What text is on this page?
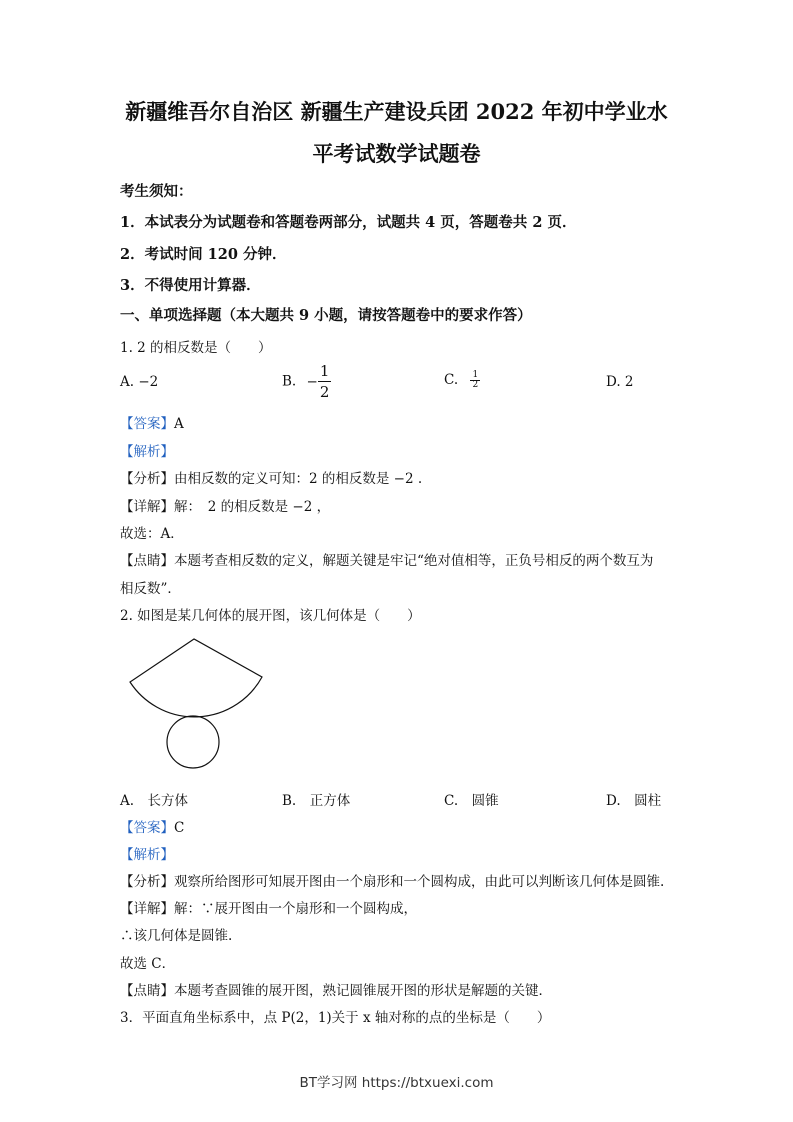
新疆维吾尔自治区 新疆生产建设兵团 2022 年初中学业水
平考试数学试题卷
考生须知：
1．本试表分为试题卷和答题卷两部分，试题共 4 页，答题卷共 2 页．
2．考试时间 120 分钟．
3．不得使用计算器．
一、单项选择题（本大题共 9 小题，请按答题卷中的要求作答）
1. 2 的相反数是（　　）
A. −2	B. − $\frac{1}{2}$	C. $\frac{1}{2}$	D. 2
【答案】A
【解析】
【分析】由相反数的定义可知：2 的相反数是 −2 .
【详解】解：　2 的相反数是 −2 ，
故选：A．
【点睛】本题考查相反数的定义，解题关键是牢记“绝对值相等，正负号相反的两个数互为
相反数”．
2. 如图是某几何体的展开图，该几何体是（　　）
A.　长方体	B.　正方体	C.　圆锥	D.　圆柱
【答案】C
【解析】
【分析】观察所给图形可知展开图由一个扇形和一个圆构成，由此可以判断该几何体是圆锥.
【详解】解：∵展开图由一个扇形和一个圆构成，
∴该几何体是圆锥.
故选 C．
【点睛】本题考查圆锥的展开图，熟记圆锥展开图的形状是解题的关键．
3．平面直角坐标系中，点 P(2，1)关于 x 轴对称的点的坐标是（　　）
BT学习网 https://btxuexi.com
